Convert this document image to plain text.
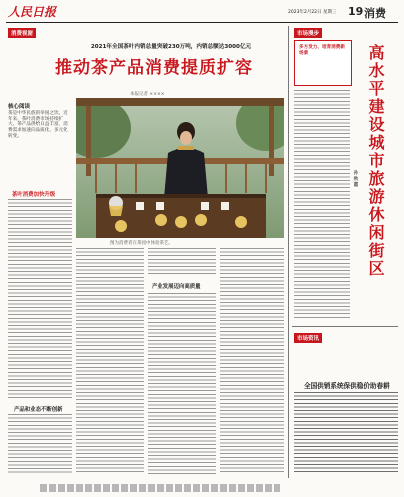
人民日报	2023年2月22日 星期三 19 消费
消费视窗
2021年全国茶叶内销总量突破230万吨，内销总额达3000亿元
推动茶产品消费提质扩容
本报记者 ××××
核心阅读
茶是中华民族的举国之饮。近年来，茶叶消费市场持续扩大，茶产品供给日益丰富，消费需求加速向品质化、多元化转变。
图为消费者在茶园中体验茶艺。
茶叶消费加快升级
产品和业态不断创新
产业发展迈向高质量
市场漫步
多方发力、培育消费新场景	高水平建设城市旅游休闲街区
孙 秋 霞
市场资讯
全国供销系统保供稳价助春耕
